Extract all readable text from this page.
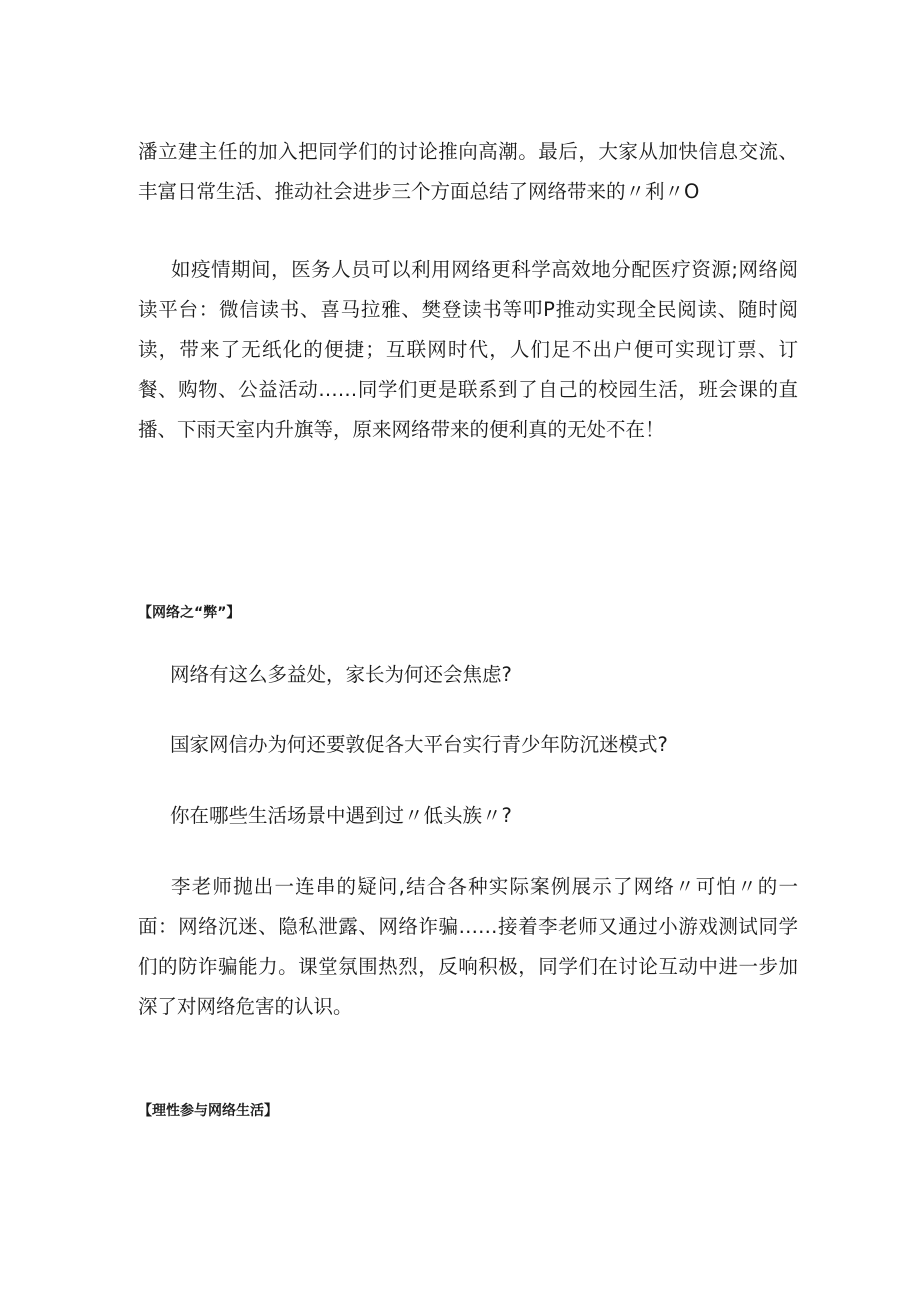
潘立建主任的加入把同学们的讨论推向高潮。最后，大家从加快信息交流、丰富日常生活、推动社会进步三个方面总结了网络带来的〃利〃O

如疫情期间，医务人员可以利用网络更科学高效地分配医疗资源;网络阅读平台：微信读书、喜马拉雅、樊登读书等叩P推动实现全民阅读、随时阅读，带来了无纸化的便捷；互联网时代，人们足不出户便可实现订票、订餐、购物、公益活动……同学们更是联系到了自己的校园生活，班会课的直播、下雨天室内升旗等，原来网络带来的便利真的无处不在！

【网络之“弊”】

网络有这么多益处，家长为何还会焦虑?

国家网信办为何还要敦促各大平台实行青少年防沉迷模式?

你在哪些生活场景中遇到过〃低头族〃?

李老师抛出一连串的疑问,结合各种实际案例展示了网络〃可怕〃的一面：网络沉迷、隐私泄露、网络诈骗……接着李老师又通过小游戏测试同学们的防诈骗能力。课堂氛围热烈，反响积极，同学们在讨论互动中进一步加深了对网络危害的认识。

【理性参与网络生活】
